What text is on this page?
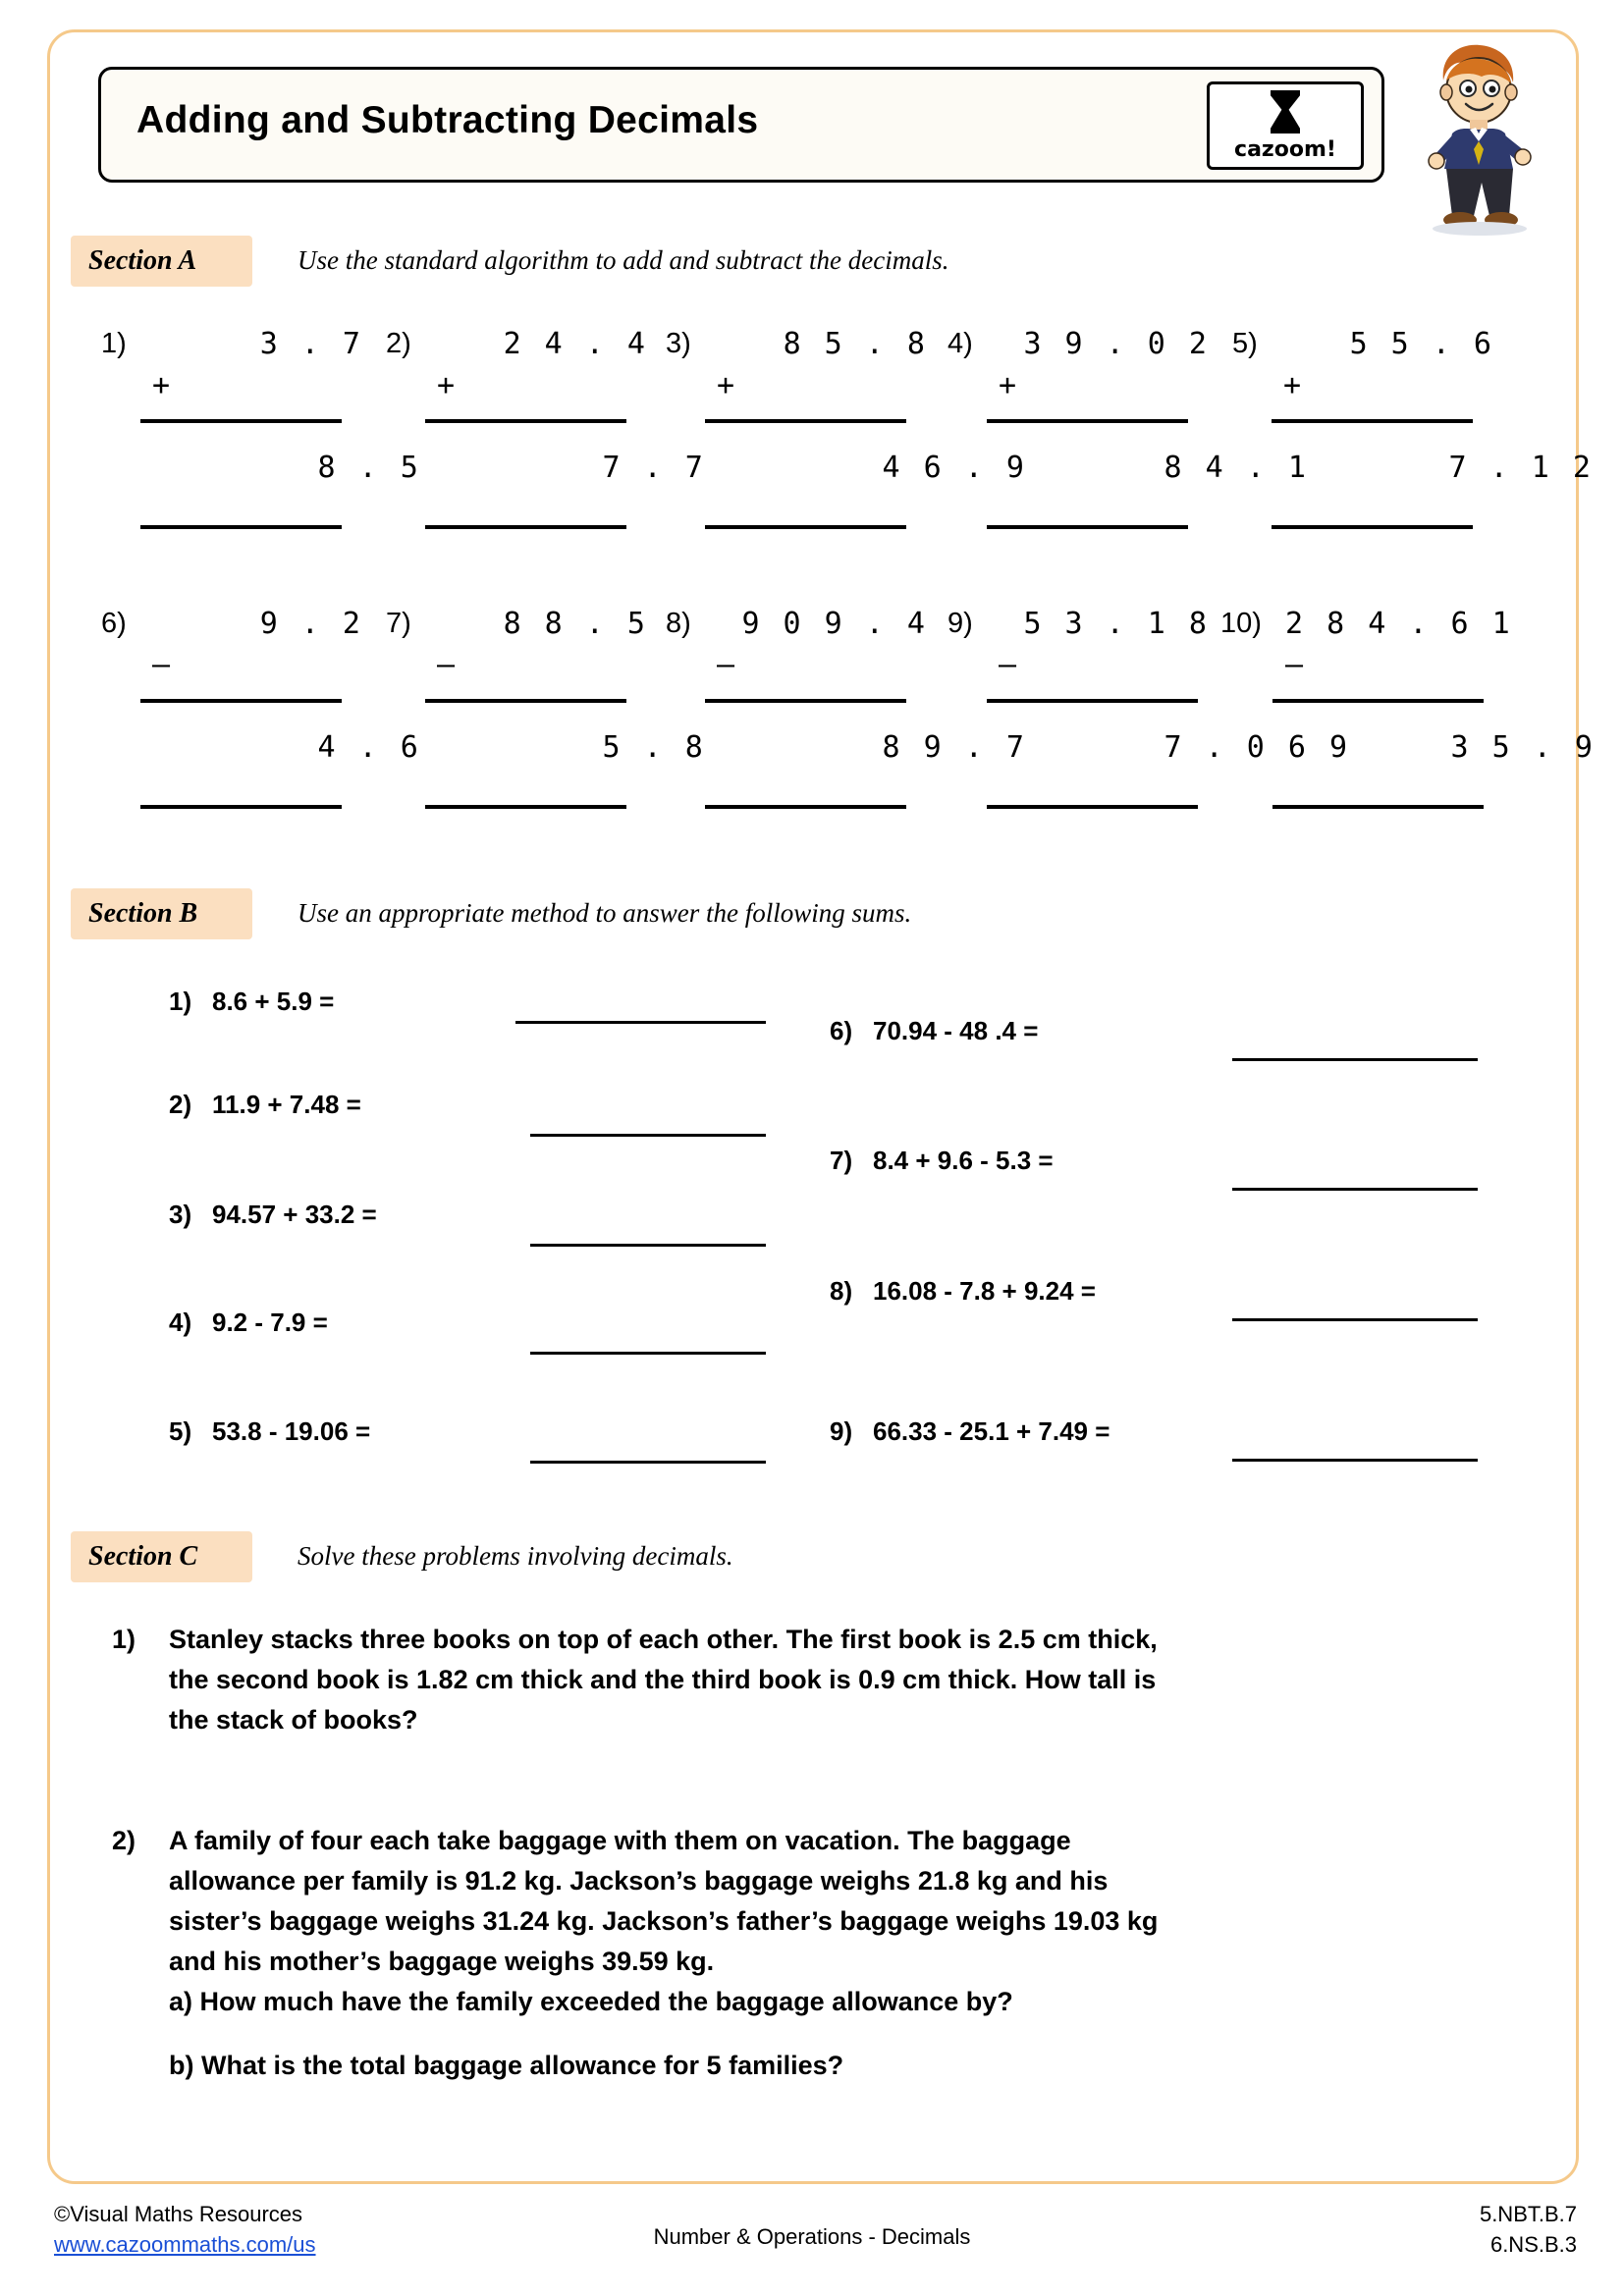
Adding and Subtracting Decimals
cazoom!
Section A	Use the standard algorithm to add and subtract the decimals.
1)	3 . 7

+

8 . 5

2)	2 4 . 4

+

7 . 7

3)	8 5 . 8

+

4 6 . 9

4)	3 9 . 0 2

+

8 4 . 1

5)	5 5 . 6

+

7 . 1 2

6)	9 . 2

–

4 . 6

7)	8 8 . 5

–

5 . 8

8)	9 0 9 . 4

–

8 9 . 7

9)	5 3 . 1 8

–

7 . 0 6 9

10) 2 8 4 . 6 1

–

3 5 . 9

Section B	Use an appropriate method to answer the following sums.
1) 8.6 + 5.9 =
2) 11.9 + 7.48 =
3) 94.57 + 33.2 =
4) 9.2 - 7.9 =
5) 53.8 - 19.06 =
6) 70.94 - 48 .4 =
7) 8.4 + 9.6 - 5.3 =
8) 16.08 - 7.8 + 9.24 =
9) 66.33 - 25.1 + 7.49 =
Section C	Solve these problems involving decimals.
1) Stanley stacks three books on top of each other. The first book is 2.5 cm thick,
the second book is 1.82 cm thick and the third book is 0.9 cm thick. How tall is
the stack of books?
2) A family of four each take baggage with them on vacation. The baggage
allowance per family is 91.2 kg. Jackson’s baggage weighs 21.8 kg and his
sister’s baggage weighs 31.24 kg. Jackson’s father’s baggage weighs 19.03 kg
and his mother’s baggage weighs 39.59 kg.
a) How much have the family exceeded the baggage allowance by?
b) What is the total baggage allowance for 5 families?
©Visual Maths Resources
www.cazoommaths.com/us	Number & Operations - Decimals
5.NBT.B.7
6.NS.B.3
